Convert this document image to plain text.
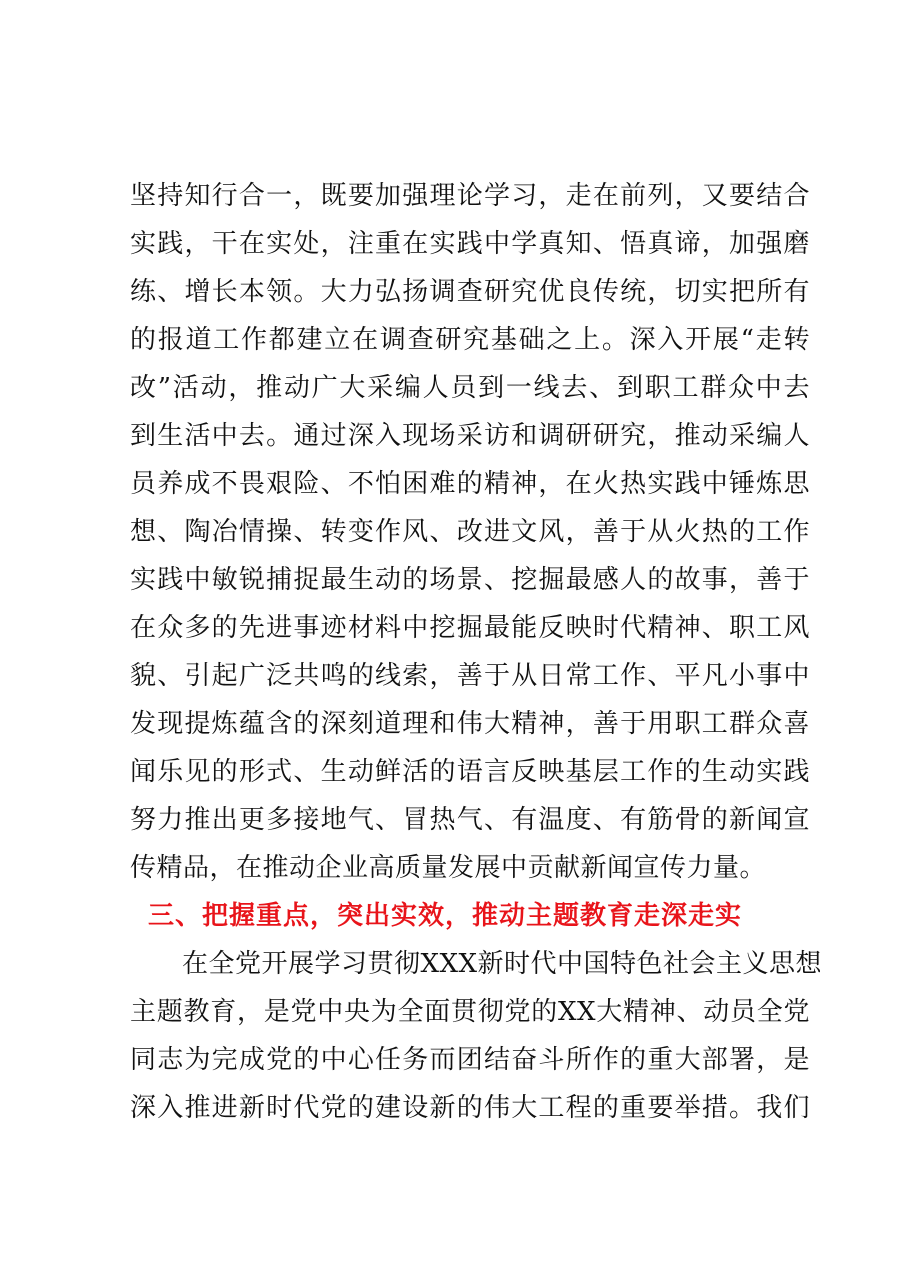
坚持知行合一，既要加强理论学习，走在前列，又要结合
实践，干在实处，注重在实践中学真知、悟真谛，加强磨
练、增长本领。大力弘扬调查研究优良传统，切实把所有
的报道工作都建立在调查研究基础之上。深入开展“走转
改”活动，推动广大采编人员到一线去、到职工群众中去
到生活中去。通过深入现场采访和调研研究，推动采编人
员养成不畏艰险、不怕困难的精神，在火热实践中锤炼思
想、陶冶情操、转变作风、改进文风，善于从火热的工作
实践中敏锐捕捉最生动的场景、挖掘最感人的故事，善于
在众多的先进事迹材料中挖掘最能反映时代精神、职工风
貌、引起广泛共鸣的线索，善于从日常工作、平凡小事中
发现提炼蕴含的深刻道理和伟大精神，善于用职工群众喜
闻乐见的形式、生动鲜活的语言反映基层工作的生动实践
努力推出更多接地气、冒热气、有温度、有筋骨的新闻宣
传精品，在推动企业高质量发展中贡献新闻宣传力量。
三、把握重点，突出实效，推动主题教育走深走实
在全党开展学习贯彻XXX新时代中国特色社会主义思想
主题教育，是党中央为全面贯彻党的XX大精神、动员全党
同志为完成党的中心任务而团结奋斗所作的重大部署，是
深入推进新时代党的建设新的伟大工程的重要举措。我们
